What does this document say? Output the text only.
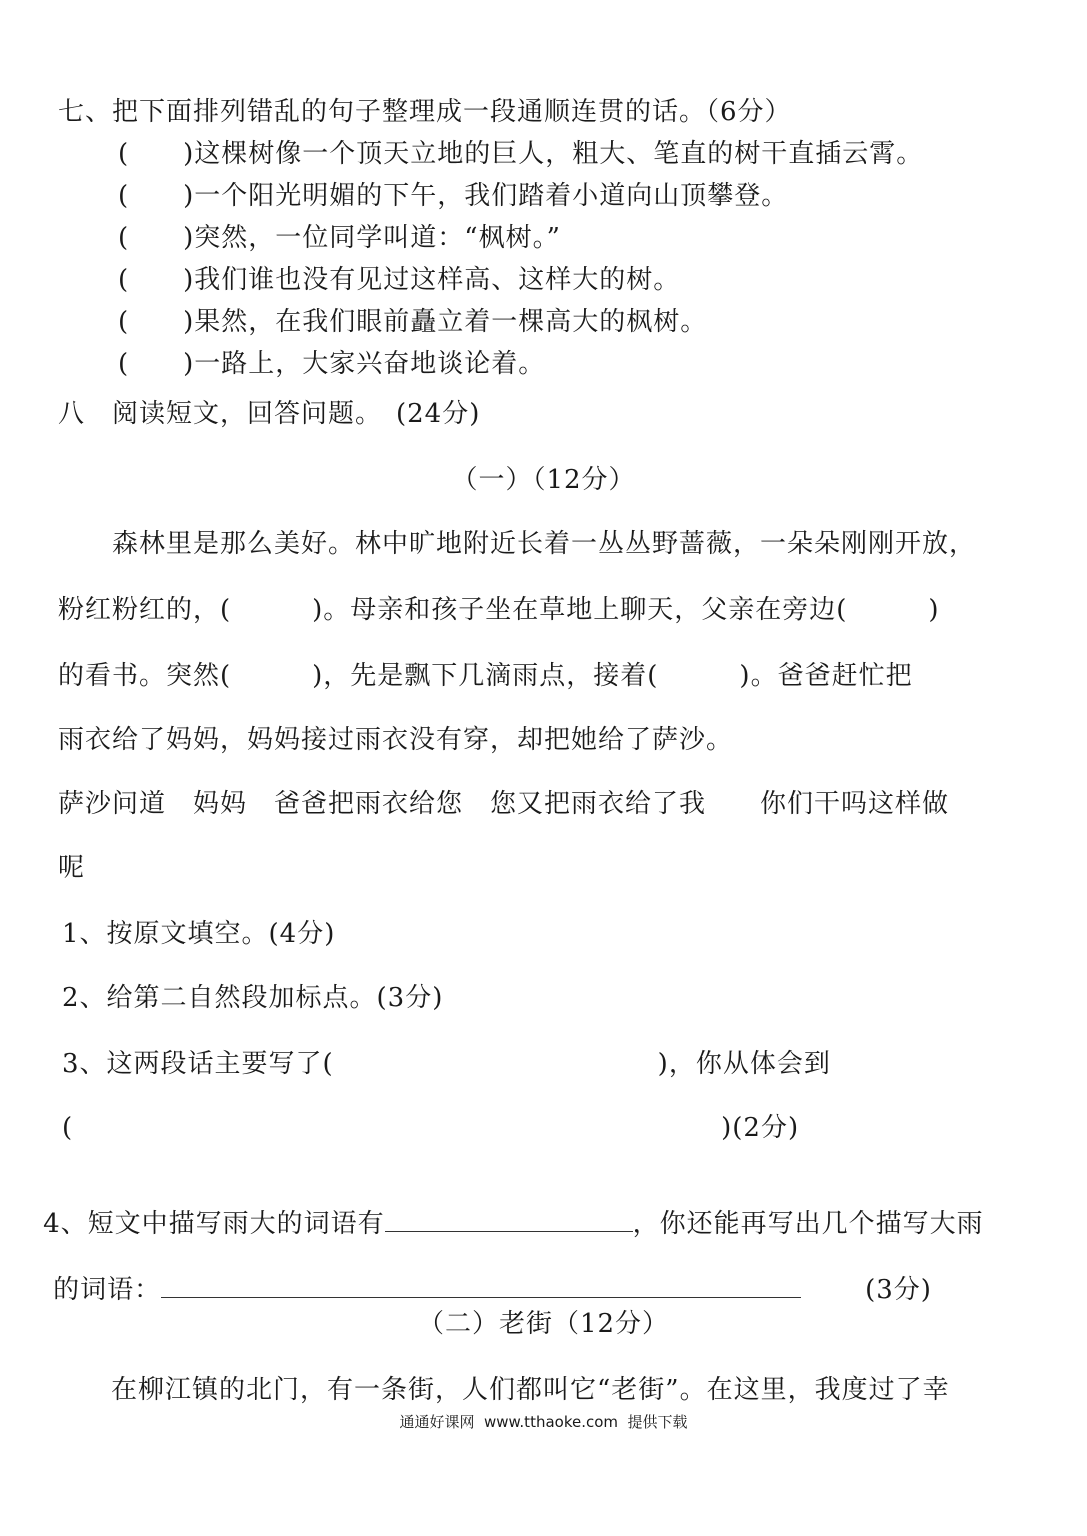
七、把下面排列错乱的句子整理成一段通顺连贯的话。（6分）
(　　)这棵树像一个顶天立地的巨人，粗大、笔直的树干直插云霄。
(　　)一个阳光明媚的下午，我们踏着小道向山顶攀登。
(　　)突然，一位同学叫道：“枫树。”
(　　)我们谁也没有见过这样高、这样大的树。
(　　)果然，在我们眼前矗立着一棵高大的枫树。
(　　)一路上，大家兴奋地谈论着。
八　阅读短文，回答问题。　(24分)
（一）（12分）
　　森林里是那么美好。林中旷地附近长着一丛丛野蔷薇，一朵朵刚刚开放，
粉红粉红的，(　　　)。母亲和孩子坐在草地上聊天，父亲在旁边(　　　)
的看书。突然(　　　)，先是飘下几滴雨点，接着(　　　)。爸爸赶忙把
雨衣给了妈妈，妈妈接过雨衣没有穿，却把她给了萨沙。
萨沙问道　妈妈　爸爸把雨衣给您　您又把雨衣给了我　　你们干吗这样做
呢
1、按原文填空。(4分)
2、给第二自然段加标点。(3分)
3、这两段话主要写了(　　　　　　　　　　　　)，你从体会到
(　　　　　　　　　　　　　　　　　　　　　　　　)(2分)

4、短文中描写雨大的词语有	，你还能再写出几个描写大雨

的词语：	(3分)

（二）老街（12分）
　在柳江镇的北门，有一条街，人们都叫它“老街”。在这里，我度过了幸
通通好课网  www.tthaoke.com  提供下载
